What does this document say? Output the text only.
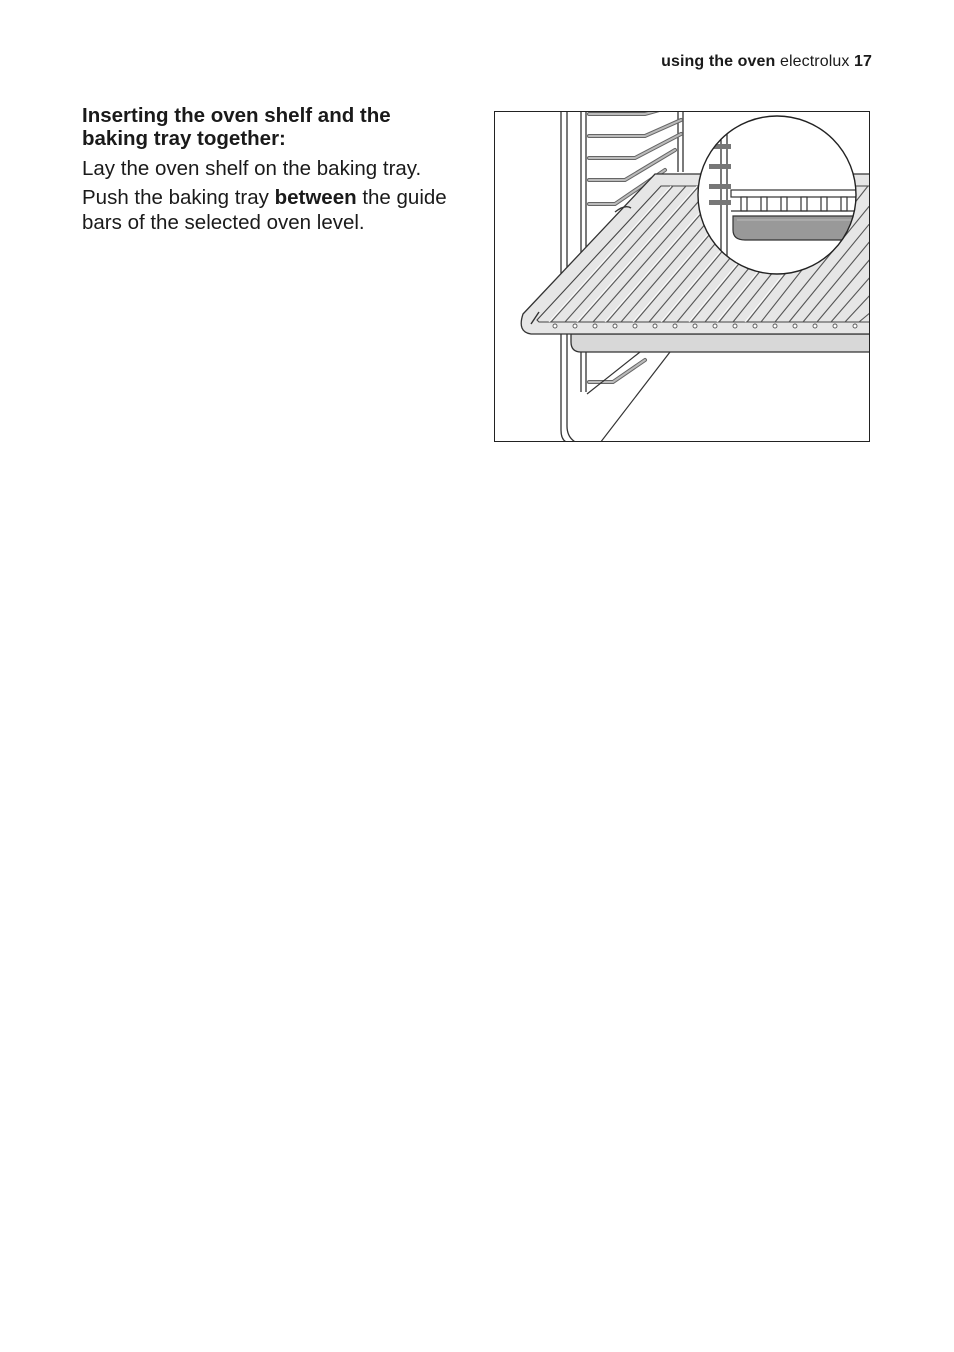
using the oven electrolux 17
Inserting the oven shelf and the baking tray together:

Lay the oven shelf on the baking tray.

Push the baking tray between the guide bars of the selected oven level.
